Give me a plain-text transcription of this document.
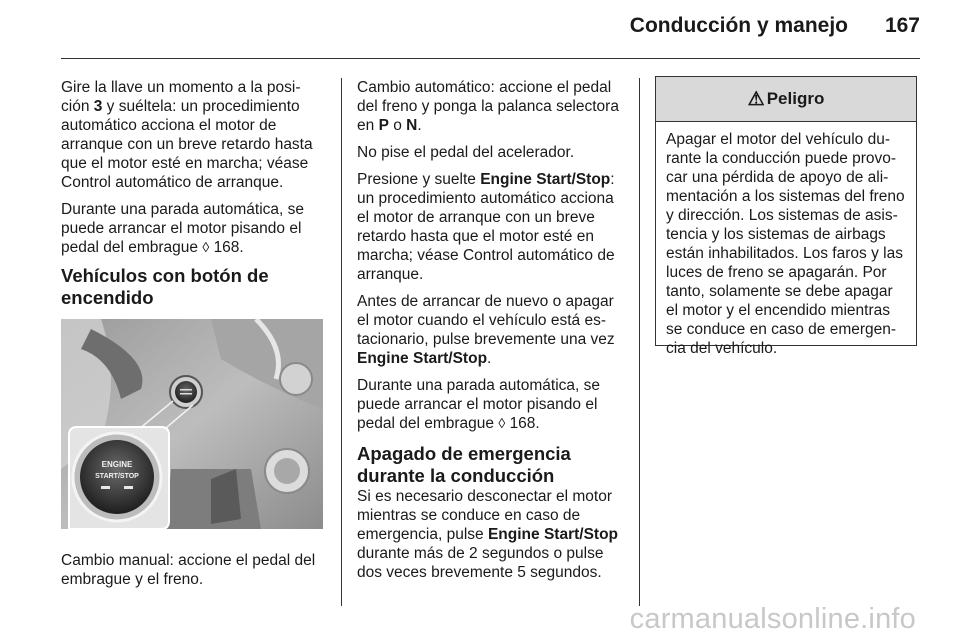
Conducción y manejo 167

Gire la llave un momento a la posi-ción 3 y suéltela: un procedimiento automático acciona el motor de arranque con un breve retardo hasta que el motor esté en marcha; véase Control automático de arranque.

Durante una parada automática, se puede arrancar el motor pisando el pedal del embrague ◊ 168.

Vehículos con botón de encendido
ENGINE
START/STOP

Cambio manual: accione el pedal del embrague y el freno.

Cambio automático: accione el pedal del freno y ponga la palanca selectora en P o N.

No pise el pedal del acelerador.

Presione y suelte Engine Start/Stop: un procedimiento automático acciona el motor de arranque con un breve retardo hasta que el motor esté en marcha; véase Control automático de arranque.

Antes de arrancar de nuevo o apagar el motor cuando el vehículo está es-tacionario, pulse brevemente una vez Engine Start/Stop.

Durante una parada automática, se puede arrancar el motor pisando el pedal del embrague ◊ 168.

Apagado de emergencia durante la conducción

Si es necesario desconectar el motor mientras se conduce en caso de emergencia, pulse Engine Start/Stop durante más de 2 segundos o pulse dos veces brevemente 5 segundos.

⚠ Peligro
Apagar el motor del vehículo du-rante la conducción puede provo-car una pérdida de apoyo de ali-mentación a los sistemas del freno y dirección. Los sistemas de asis-tencia y los sistemas de airbags están inhabilitados. Los faros y las luces de freno se apagarán. Por tanto, solamente se debe apagar el motor y el encendido mientras se conduce en caso de emergen-cia del vehículo.
carmanualsonline.info
